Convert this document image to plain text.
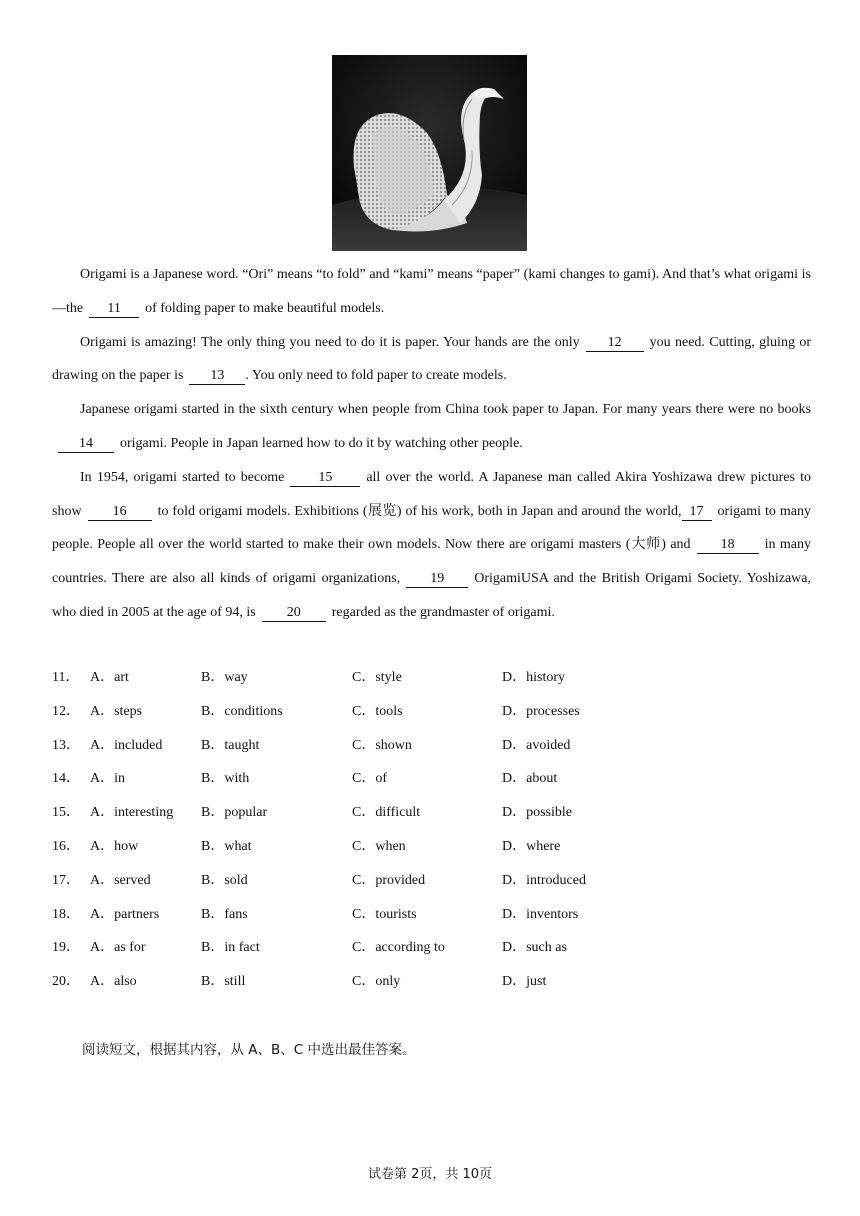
Origami is a Japanese word. “Ori” means “to fold” and “kami” means “paper” (kami changes to gami). And that’s what origami is—the 11 of folding paper to make beautiful models.

Origami is amazing! The only thing you need to do it is paper. Your hands are the only 12 you need. Cutting, gluing or drawing on the paper is 13 . You only need to fold paper to create models.

Japanese origami started in the sixth century when people from China took paper to Japan. For many years there were no books14 origami. People in Japan learned how to do it by watching other people.

In 1954, origami started to become 15 all over the world. A Japanese man called Akira Yoshizawa drew pictures to show 16 to fold origami models. Exhibitions (展览) of his work, both in Japan and around the world, 17 origami to many people. People all over the world started to make their own models. Now there are origami masters (大师) and 18 in many countries. There are also all kinds of origami organizations, 19 OrigamiUSA and the British Origami Society. Yoshizawa, who died in 2005 at the age of 94, is 20 regarded as the grandmaster of origami.

11． A．art	B．way	C．style	D．history
12． A．steps	B．conditions	C．tools	D．processes
13． A．included	B．taught	C．shown	D．avoided
14． A．in	B．with	C．of	D．about
15． A．interesting B．popular	C．difficult	D．possible
16． A．how	B．what	C．when	D．where
17． A．served	B．sold	C．provided	D．introduced
18． A．partners	B．fans	C．tourists	D．inventors
19． A．as for	B．in fact	C．according to	D．such as
20． A．also	B．still	C．only	D．just
阅读短文，根据其内容，从 A、B、C 中选出最佳答案。
试卷第 2页，共 10页
